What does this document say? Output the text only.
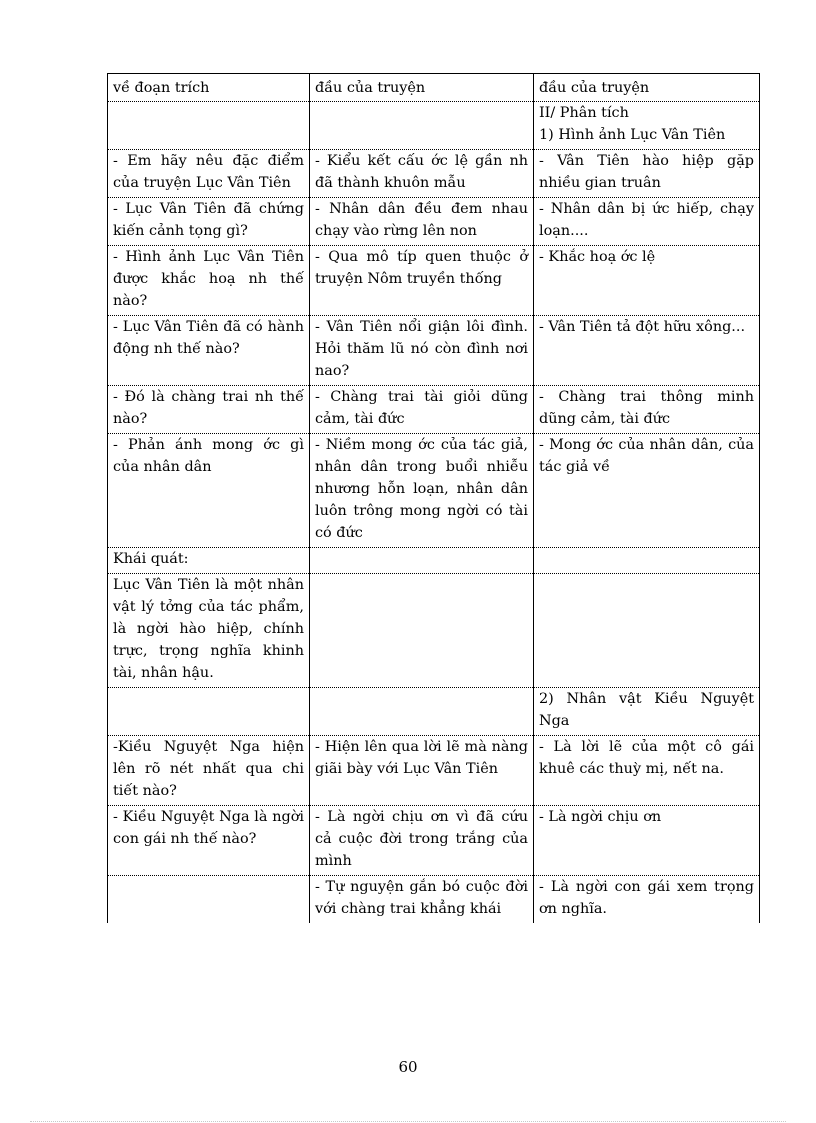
về đoạn trích	đầu của truyện	đầu của truyện
		II/ Phân tích
1) Hình ảnh Lục Vân Tiên
- Em hãy nêu đặc điểm của truyện Lục Vân Tiên	- Kiểu kết cấu ớc lệ gần nh đã thành khuôn mẫu	- Vân Tiên hào hiệp gặp nhiều gian truân
- Lục Vân Tiên đã chứng kiến cảnh tọng gì?	- Nhân dân đều đem nhau chạy vào rừng lên non	- Nhân dân bị ức hiếp, chạy loạn....
- Hình ảnh Lục Vân Tiên được khắc hoạ nh thế nào?	- Qua mô típ quen thuộc ở truyện Nôm truyền thống	- Khắc hoạ ớc lệ
- Lục Vân Tiên đã có hành động nh thế nào?	- Vân Tiên nổi giận lôi đình. Hỏi thăm lũ nó còn đình nơi nao?	- Vân Tiên tả đột hữu xông...
- Đó là chàng trai nh thế nào?	- Chàng trai tài giỏi dũng cảm, tài đức	- Chàng trai thông minh dũng cảm, tài đức
- Phản ánh mong ớc gì của nhân dân	- Niềm mong ớc của tác giả, nhân dân trong buổi nhiễu nhương hỗn loạn, nhân dân luôn trông mong ngời có tài có đức	- Mong ớc của nhân dân, của tác giả về
Khái quát:		
Lục Vân Tiên là một nhân vật lý tởng của tác phẩm, là ngời hào hiệp, chính trực, trọng nghĩa khinh tài, nhân hậu.		
		2) Nhân vật Kiều Nguyệt Nga
-Kiều Nguyệt Nga hiện lên rõ nét nhất qua chi tiết nào?	- Hiện lên qua lời lẽ mà nàng giãi bày với Lục Vân Tiên	- Là lời lẽ của một cô gái khuê các thuỳ mị, nết na.
- Kiều Nguyệt Nga là ngời con gái nh thế nào?	- Là ngời chịu ơn vì đã cứu cả cuộc đời trong trắng của mình	- Là ngời chịu ơn
	- Tự nguyện gắn bó cuộc đời với chàng trai khẳng khái	- Là ngời con gái xem trọng ơn nghĩa.
60
